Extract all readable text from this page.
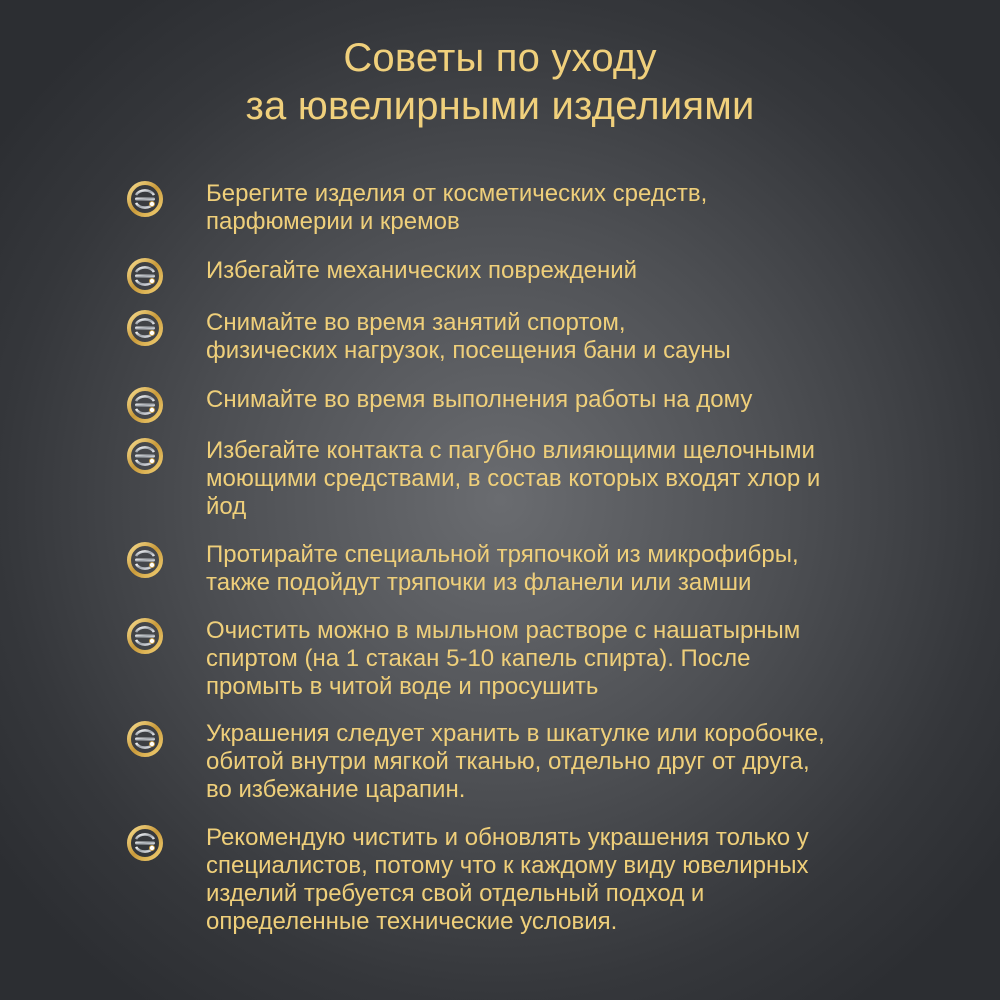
Советы по уходу
за ювелирными изделиями
Берегите изделия от косметических средств,
парфюмерии и кремов
Избегайте механических повреждений
Снимайте во время занятий спортом,
физических нагрузок, посещения бани и сауны
Снимайте во время выполнения работы на дому
Избегайте контакта с пагубно влияющими щелочными
моющими средствами, в состав которых входят хлор и
йод
Протирайте специальной тряпочкой из микрофибры,
также подойдут тряпочки из фланели или замши
Очистить можно в мыльном растворе с нашатырным
спиртом (на 1 стакан 5-10 капель спирта). После
промыть в читой воде и просушить
Украшения следует хранить в шкатулке или коробочке,
обитой внутри мягкой тканью, отдельно друг от друга,
во избежание царапин.
Рекомендую чистить и обновлять украшения только у
специалистов, потому что к каждому виду ювелирных
изделий требуется свой отдельный подход и
определенные технические условия.
